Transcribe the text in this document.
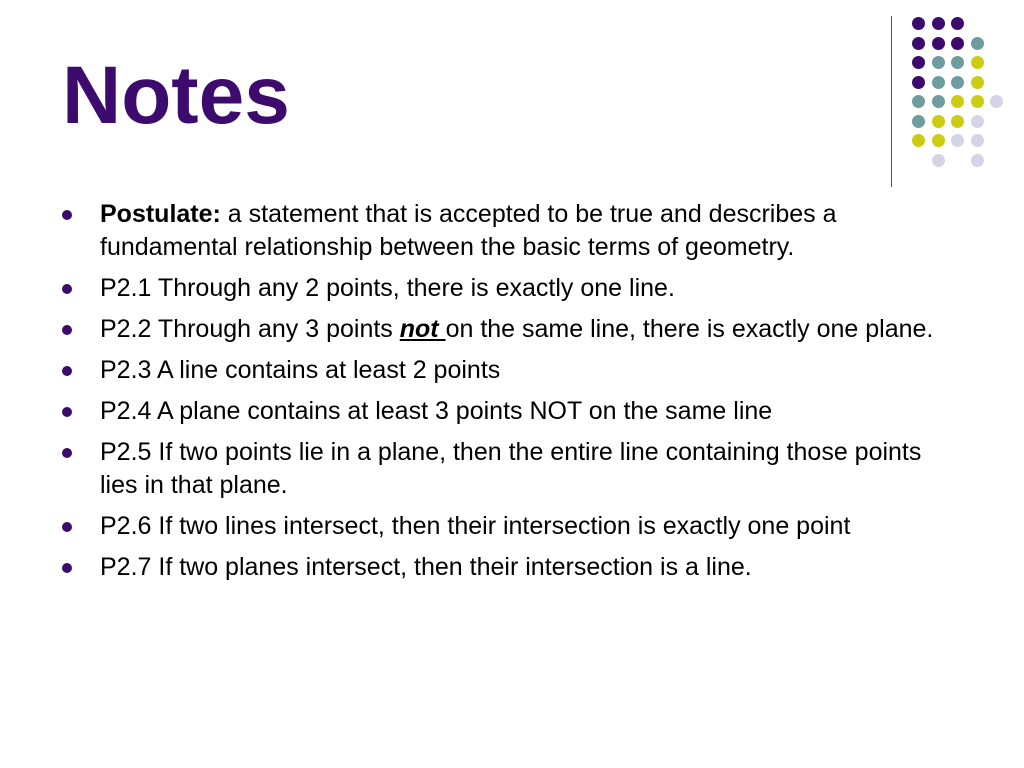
Notes
Postulate: a statement that is accepted to be true and describes a fundamental relationship between the basic terms of geometry.
P2.1 Through any 2 points, there is exactly one line.
P2.2 Through any 3 points not on the same line, there is exactly one plane.
P2.3 A line contains at least 2 points
P2.4 A plane contains at least 3 points NOT on the same line
P2.5 If two points lie in a plane, then the entire line containing those points lies in that plane.
P2.6 If two lines intersect, then their intersection is exactly one point
P2.7 If two planes intersect, then their intersection is a line.
